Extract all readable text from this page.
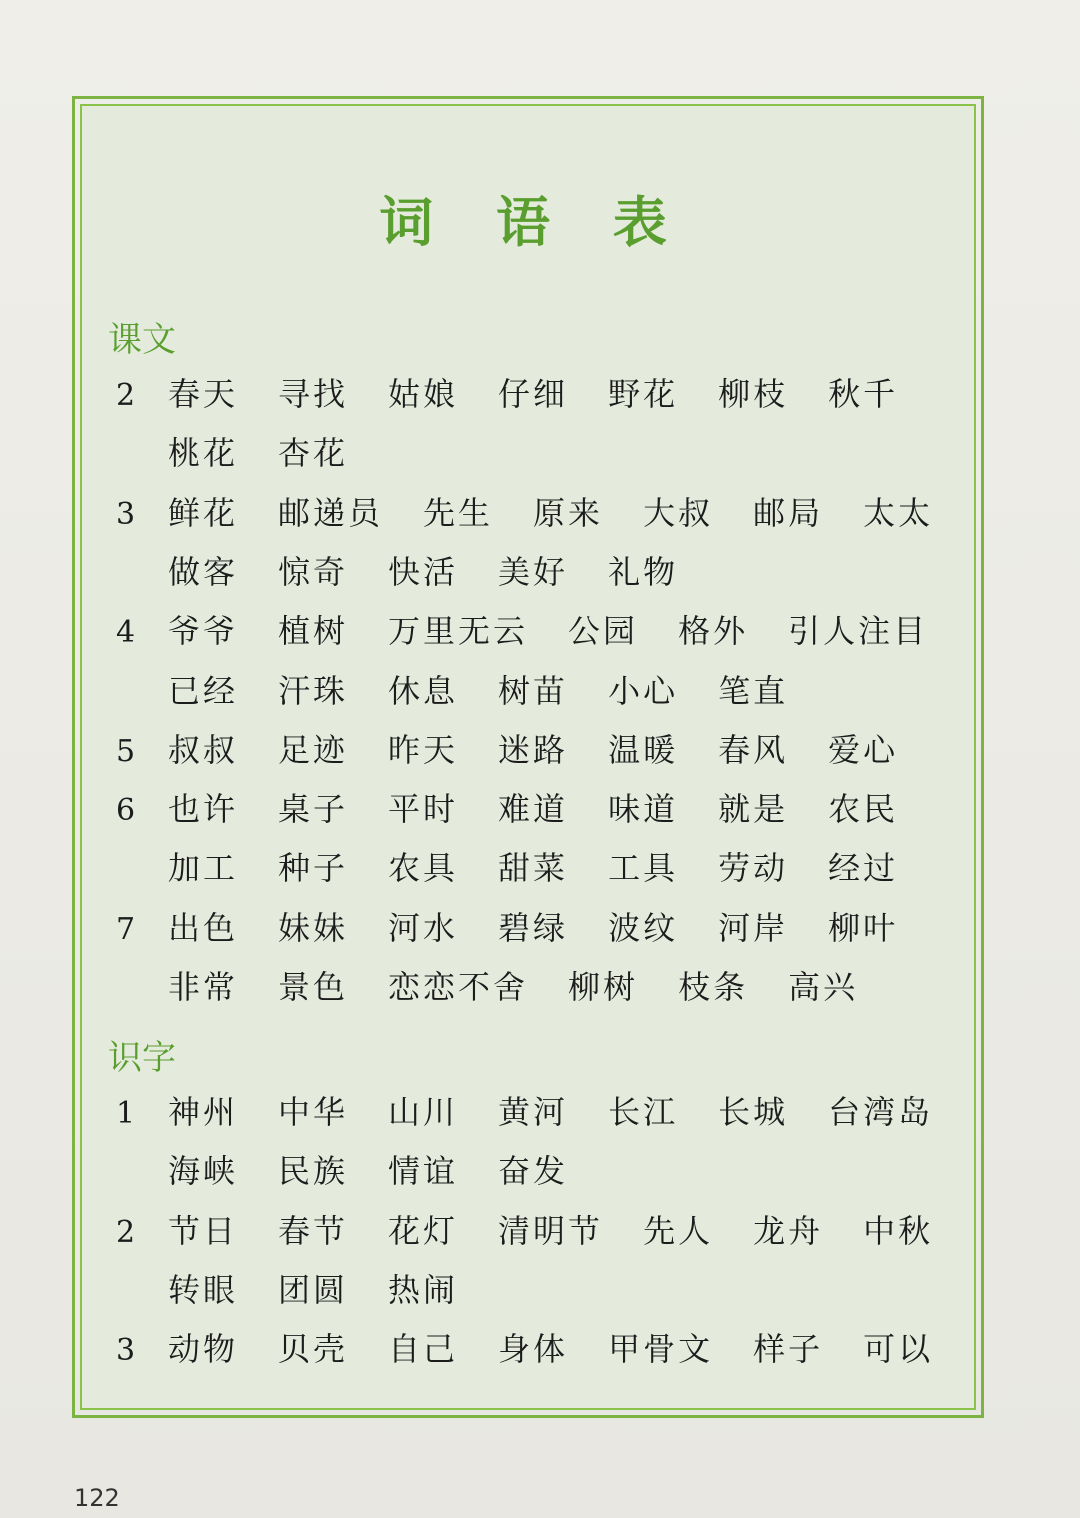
词 语 表
课文
2 春天 寻找 姑娘 仔细 野花 柳枝 秋千
桃花 杏花
3 鲜花 邮递员 先生 原来 大叔 邮局 太太
做客 惊奇 快活 美好 礼物
4 爷爷 植树 万里无云 公园 格外 引人注目
已经 汗珠 休息 树苗 小心 笔直
5 叔叔 足迹 昨天 迷路 温暖 春风 爱心
6 也许 桌子 平时 难道 味道 就是 农民
加工 种子 农具 甜菜 工具 劳动 经过
7 出色 妹妹 河水 碧绿 波纹 河岸 柳叶
非常 景色 恋恋不舍 柳树 枝条 高兴
识字
1 神州 中华 山川 黄河 长江 长城 台湾岛
海峡 民族 情谊 奋发
2 节日 春节 花灯 清明节 先人 龙舟 中秋
转眼 团圆 热闹
3 动物 贝壳 自己 身体 甲骨文 样子 可以
122
